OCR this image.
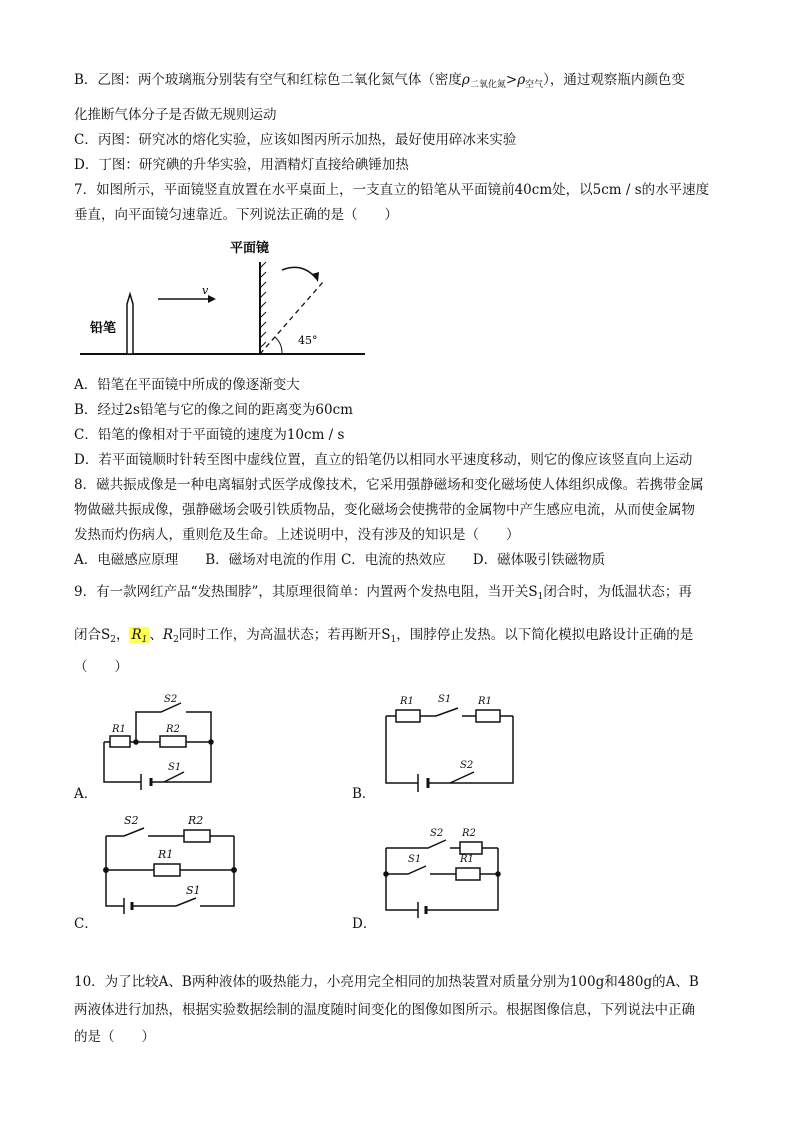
B．乙图：两个玻璃瓶分别装有空气和红棕色二氧化氮气体（密度$\rho_{二氧化氮}>\rho_{空气}$），通过观察瓶内颜色变
化推断气体分子是否做无规则运动
C．丙图：研究冰的熔化实验，应该如图丙所示加热，最好使用碎冰来实验
D．丁图：研究碘的升华实验，用酒精灯直接给碘锤加热
7．如图所示，平面镜竖直放置在水平桌面上，一支直立的铅笔从平面镜前40cm处，以5cm / s的水平速度
垂直，向平面镜匀速靠近。下列说法正确的是（　　）
铅笔
v
平面镜
45°
A．铅笔在平面镜中所成的像逐渐变大
B．经过2s铅笔与它的像之间的距离变为60cm
C．铅笔的像相对于平面镜的速度为10cm / s
D．若平面镜顺时针转至图中虚线位置，直立的铅笔仍以相同水平速度移动，则它的像应该竖直向上运动
8．磁共振成像是一种电离辐射式医学成像技术，它采用强静磁场和变化磁场使人体组织成像。若携带金属
物做磁共振成像，强静磁场会吸引铁质物品，变化磁场会使携带的金属物中产生感应电流，从而使金属物
发热而灼伤病人，重则危及生命。上述说明中，没有涉及的知识是（　　）
A．电磁感应原理　　B．磁场对电流的作用 C．电流的热效应　　D．磁体吸引铁磁物质
9．有一款网红产品“发热围脖”，其原理很简单：内置两个发热电阻，当开关$S_1$闭合时，为低温状态；再
闭合$S_2$， $R_1$ 、$R_2$同时工作，为高温状态；若再断开$S_1$，围脖停止发热。以下简化模拟电路设计正确的是
（　　）
A．
R1	R2
S2
S1
B．
R1 S1	R1
S2
C．
S2	R2
R1
S1
D．
S2 R2
S1	R1
10．为了比较A、B两种液体的吸热能力，小亮用完全相同的加热装置对质量分别为100g和480g的A、B
两液体进行加热，根据实验数据绘制的温度随时间变化的图像如图所示。根据图像信息，下列说法中正确
的是（　　）
